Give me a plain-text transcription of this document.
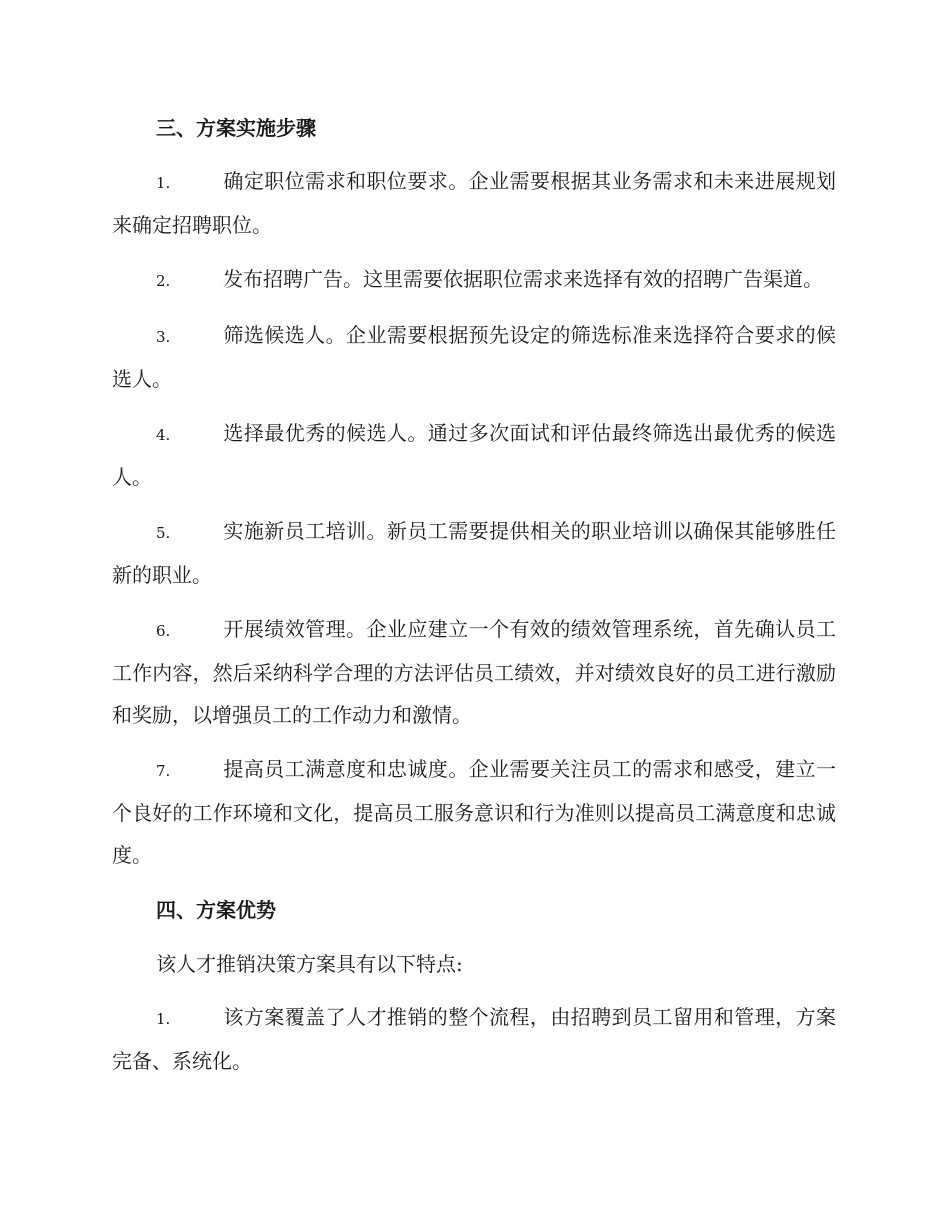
三、方案实施步骤

1.	确定职位需求和职位要求。企业需要根据其业务需求和未来进展规划来确定招聘职位。

2.	发布招聘广告。这里需要依据职位需求来选择有效的招聘广告渠道。

3.	筛选候选人。企业需要根据预先设定的筛选标准来选择符合要求的候选人。

4.	选择最优秀的候选人。通过多次面试和评估最终筛选出最优秀的候选人。

5.	实施新员工培训。新员工需要提供相关的职业培训以确保其能够胜任新的职业。

6.	开展绩效管理。企业应建立一个有效的绩效管理系统，首先确认员工工作内容，然后采纳科学合理的方法评估员工绩效，并对绩效良好的员工进行激励和奖励，以增强员工的工作动力和激情。

7.	提高员工满意度和忠诚度。企业需要关注员工的需求和感受，建立一个良好的工作环境和文化，提高员工服务意识和行为准则以提高员工满意度和忠诚度。

四、方案优势

该人才推销决策方案具有以下特点:

1.	该方案覆盖了人才推销的整个流程，由招聘到员工留用和管理，方案完备、系统化。
